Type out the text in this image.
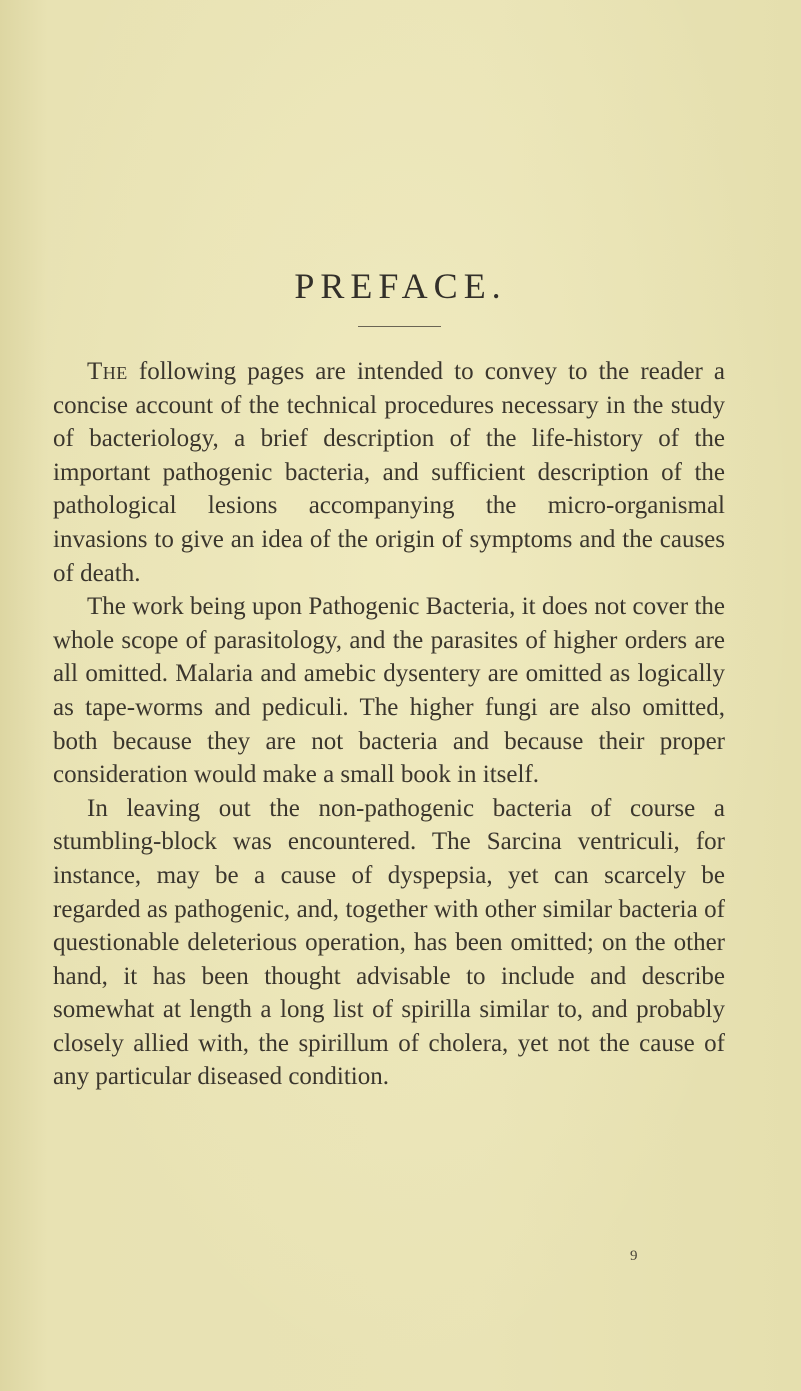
PREFACE.

The following pages are intended to convey to the reader a concise account of the technical procedures necessary in the study of bacteriology, a brief description of the life-history of the important pathogenic bacteria, and sufficient description of the pathological lesions accompanying the micro-organismal invasions to give an idea of the origin of symptoms and the causes of death.

The work being upon Pathogenic Bacteria, it does not cover the whole scope of parasitology, and the parasites of higher orders are all omitted. Malaria and amebic dysentery are omitted as logically as tape-worms and pediculi. The higher fungi are also omitted, both because they are not bacteria and because their proper consideration would make a small book in itself.

In leaving out the non-pathogenic bacteria of course a stumbling-block was encountered. The Sarcina ventriculi, for instance, may be a cause of dyspepsia, yet can scarcely be regarded as pathogenic, and, together with other similar bacteria of questionable deleterious operation, has been omitted; on the other hand, it has been thought advisable to include and describe somewhat at length a long list of spirilla similar to, and probably closely allied with, the spirillum of cholera, yet not the cause of any particular diseased condition.

9
